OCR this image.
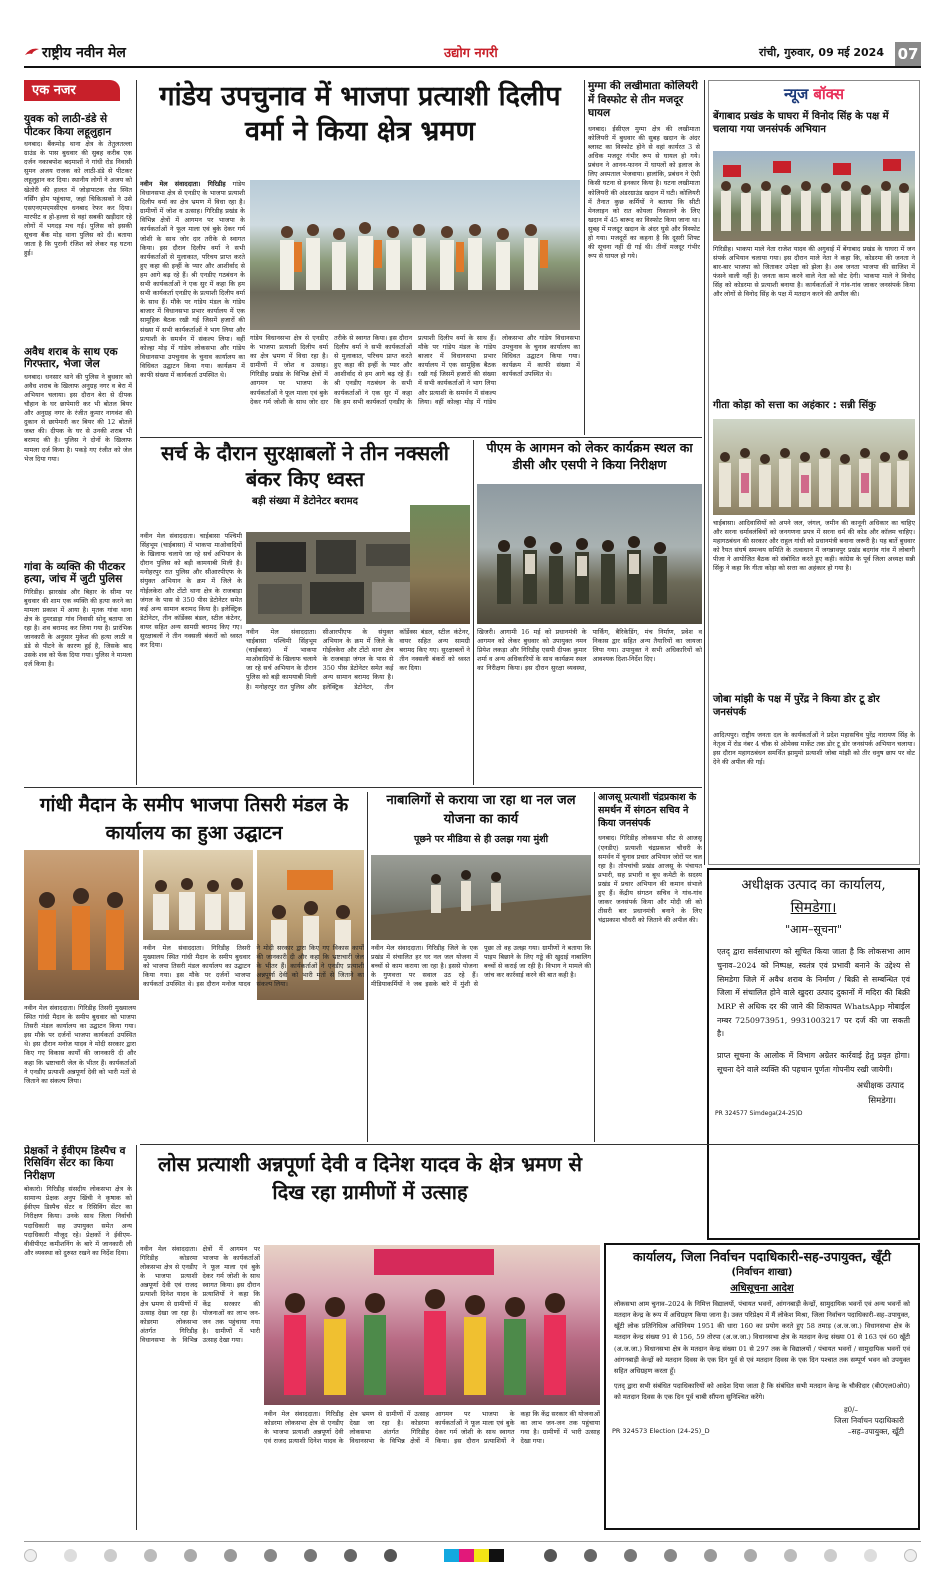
राष्ट्रीय नवीन मेल	उद्योग नगरी	रांची, गुरुवार, 09 मई 2024 07
एक नजर
युवक को लाठी-डंडे से पीटकर किया लहूलुहान
धनबाद। बैंकमोड़ थाना क्षेत्र के तेतुलतल्ला ग्राउंड के पास बुधवार की सुबह करीब एक दर्जन नकाबपोश बदमाशों ने गांधी रोड निवासी सुमन अजय राजक को लाठी-डंडे से पीटकर लहूलुहान कर दिया। स्थानीय लोगों ने अजय को खेतोरी की हालत में जोड़ापाटक रोड स्थित नर्सिंग होम पहुंचाया, जहां चिकित्सकों ने उसे एसएनएमएमसीएच धनबाद रेफर कर दिया। मारपीट व हो-हल्ला से वहां सबकी खड़ीदार रहे लोगों में भगदड़ मच गई। पुलिस को इसकी सूचना बैंक मोड़ थाना पुलिस को दी। बताया जाता है कि पुरानी रंजिश को लेकर यह घटना हुई।
अवैध शराब के साथ एक गिरफ्तार, भेजा जेल
धनबाद। धनसार थाने की पुलिस ने बुधवार को अवैध शराब के खिलाफ अनुग्रह नगर व बेरा में अभियान चलाया। इस दौरान बेरा से दीपक चौहान के घर छापेमारी कर भी बोतल बियर और अनुग्रह नगर के रंजीत कुमार नागवंश की दुकान से छापेमारी कर बियर की 12 बोतलें जब्त की। दीपक के घर से उनकी शराब भी बरामद की है। पुलिस ने दोनों के खिलाफ मामला दर्ज किया है। पकड़े गए रंजीत को जेल भेज दिया गया।
गांवा के व्यक्ति की पीटकर हत्या, जांच में जुटी पुलिस
गिरिडीह। झारखंड और बिहार के सीमा पर बुधवार की शाम एक व्यक्ति की हत्या करने का मामला प्रकाश में आया है। मृतक गांवा थाना क्षेत्र के दुमरडाड़ा गांव निवासी सोनू बताया जा रहा है। शव बरामद कर लिया गया है। प्रारंभिक जानकारी के अनुसार मुकेश की हत्या लाठी व डंडे से पीटने के कारण हुई है, जिसके बाद उसके शव को फेंक दिया गया। पुलिस ने मामला दर्ज किया है।
प्रेक्षकों ने ईवीएम डिस्पैच व रिसिविंग सेंटर का किया निरीक्षण
बोकारो। गिरिडीह संसदीय लोकसभा क्षेत्र के सामान्य प्रेक्षक अनुप खिंची ने कृषाक को ईवीएम डिस्पैच सेंटर व रिसिविंग सेंटर का निरीक्षण किया। उनके साथ जिला निर्वाची पदाधिकारी सह उपायुक्त समेत अन्य पदाधिकारी मौजूद रहे। प्रेक्षकों ने ईवीएम-वीवीपीएट कमीशनिंग के बारे में जानकारी ली और व्यवस्था को दुरुस्त रखने का निर्देश दिया।
गांडेय उपचुनाव में भाजपा प्रत्याशी दिलीप वर्मा ने किया क्षेत्र भ्रमण
नवीन मेल संवाददाता। गिरिडीह गांडेय विधानसभा क्षेत्र से एनडीए के भाजपा प्रत्याशी दिलीप वर्मा का क्षेत्र भ्रमण में विधा रहा है। ग्रामीणों में जोश व उत्साह। गिरिडीह प्रखंड के विभिन्न क्षेत्रों में आगमन पर भाजपा के कार्यकर्ताओं ने फूल माला एवं बुके देकर गर्म जोशी के साथ जोर दार तरीके से स्वागत किया। इस दौरान दिलीप वर्मा ने सभी कार्यकर्ताओं से मुलाकात, परिचय प्राप्त करते हुए कहा की इन्हीं के प्यार और आशीर्वाद से हम आगे बढ़ रहे हैं। श्री एनडीए गठबंधन के सभी कार्यकर्ताओं ने एक सुर में कहा कि हम सभी कार्यकर्ता एनडीए के प्रत्याशी दिलीप वर्मा के साथ हैं। मौके पर गांडेय मंडल के गांडेय बाजार में विधानसभा प्रभार कार्यालय में एक सामूहिक बैठक रखी गई जिसमें हजारों की संख्या में सभी कार्यकर्ताओं ने भाग लिया और प्रत्याशी के समर्थन में संकल्प लिया। वहीं कोल्हा मोड़ में गांडेय लोकसभा और गांडेय विधानसभा उपचुनाव के चुनाव कार्यालय का विधिवत उद्घाटन किया गया। कार्यक्रम में काफी संख्या में कार्यकर्ता उपस्थित थे।
गांडेय विधानसभा क्षेत्र से एनडीए के भाजपा प्रत्याशी दिलीप वर्मा का क्षेत्र भ्रमण में विधा रहा है। ग्रामीणों में जोश व उत्साह। गिरिडीह प्रखंड के विभिन्न क्षेत्रों में आगमन पर भाजपा के कार्यकर्ताओं ने फूल माला एवं बुके देकर गर्म जोशी के साथ जोर दार तरीके से स्वागत किया। इस दौरान दिलीप वर्मा ने सभी कार्यकर्ताओं से मुलाकात, परिचय प्राप्त करते हुए कहा की इन्हीं के प्यार और आशीर्वाद से हम आगे बढ़ रहे हैं। श्री एनडीए गठबंधन के सभी कार्यकर्ताओं ने एक सुर में कहा कि हम सभी कार्यकर्ता एनडीए के प्रत्याशी दिलीप वर्मा के साथ हैं। मौके पर गांडेय मंडल के गांडेय बाजार में विधानसभा प्रभार कार्यालय में एक सामूहिक बैठक रखी गई जिसमें हजारों की संख्या में सभी कार्यकर्ताओं ने भाग लिया और प्रत्याशी के समर्थन में संकल्प लिया। वहीं कोल्हा मोड़ में गांडेय लोकसभा और गांडेय विधानसभा उपचुनाव के चुनाव कार्यालय का विधिवत उद्घाटन किया गया। कार्यक्रम में काफी संख्या में कार्यकर्ता उपस्थित थे।
मुग्मा की लखीमाता कोलियरी में विस्फोट से तीन मजदूर घायल
धनबाद। ईसीएल मुग्मा क्षेत्र की लखीमाता कोलियरी में बुधवार की सुबह खदान के अंदर ब्लास्ट का विस्फोट होने से वहां कार्यरत 3 से अधिक मजदूर गंभीर रूप से घायल हो गये। प्रबंधन ने आनन-फानन में घायलों को इलाज के लिए अस्पताल भेजवाया। हालांकि, प्रबंधन ने ऐसी किसी घटना से इनकार किया है। घटना लखीमाता कोलियरी की अंडरग्राउंड खदान में घटी। कोलियरी में तैनात कुछ कर्मियों ने बताया कि सीटी मेनलाइन को रात कोयला निकालने के लिए खदान में 45 बारूद का विस्फोट किया जाना था। सुबह में मजदूर खदान के अंदर घुसे और विस्फोट हो गया। मजदूरों का कहना है कि दूसरी शिफ्ट की सूचना नहीं दी गई थी। तीनों मजदूर गंभीर रूप से घायल हो गये।
न्यूज बॉक्स
बेंगाबाद प्रखंड के घाघरा में विनोद सिंह के पक्ष में चलाया गया जनसंपर्क अभियान
गिरिडीह। भाकपा माले नेता राजेश यादव की अगुवाई में बेंगाबाद प्रखंड के घाघरा में जन संपर्क अभियान चलाया गया। इस दौरान माले नेता ने कहा कि, कोडरमा की जनता ने बार-बार भाजपा को जिताकर उपेक्षा को झेला है। अब जनता भाजपा की साजिश में फंसने वाली नहीं है। जनता काम करने वाले नेता को वोट देगी। भाकपा माले ने विनोद सिंह को कोडरमा से प्रत्याशी बनाया है। कार्यकर्ताओं ने गांव-गांव जाकर जनसंपर्क किया और लोगों से विनोद सिंह के पक्ष में मतदान करने की अपील की।
गीता कोड़ा को सत्ता का अहंकार : सन्नी सिंकु
चाईबासा। आदिवासियों को अपने जल, जंगल, जमीन की कानूनी अधिकार का चाहिए और सरना धर्मावलंबियों को जनगणना प्रपत्र में सरना धर्म की कोड और कॉलम चाहिए। महागठबंधन की सरकार और राहुल गांधी को प्रधानमंत्री बनाना जरूरी है। यह बातें बुधवार को रैयत संघर्ष समन्वय समिति के तत्वाधान में जगन्नाथपुर प्रखंड बदगांव गांव में लोबागी पीजा ने आयोजित बैठक को संबोधित करते हुए कही। कांग्रेस के पूर्व जिला अध्यक्ष सन्नी सिंकु ने कहा कि गीता कोड़ा को सत्ता का अहंकार हो गया है।
जोबा मांझी के पक्ष में पुरेंद्र ने किया डोर टू डोर जनसंपर्क
आदित्यपुर। राष्ट्रीय जनता दल के कार्यकर्ताओं ने प्रदेश महासचिव पुरेंद्र नारायण सिंह के नेतृत्व में रोड नंबर 4 चौक से ओमेक्स मार्केट तक डोर टू डोर जनसंपर्क अभियान चलाया। इस दौरान महागठबंधन समर्थित झामुमो प्रत्याशी जोबा मांझी को तीर धनुष छाप पर वोट देने की अपील की गई।
सर्च के दौरान सुरक्षाबलों ने तीन नक्सली बंकर किए ध्वस्त
बड़ी संख्या में डेटोनेटर बरामद
नवीन मेल संवाददाता। चाईबासा पश्चिमी सिंहभूम (चाईबासा) में भाकपा माओवादियों के खिलाफ चलाये जा रहे सर्च अभियान के दौरान पुलिस को बड़ी कामयाबी मिली है। मनोहरपुर रात पुलिस और सीआरपीएफ के संयुक्त अभियान के क्रम में जिले के गोईलकेरा और टोंटो थाना क्षेत्र के राजबाड़ा जंगल के पास से 350 पीस डेटोनेटर समेत कई अन्य सामान बरामद किया है। इलेक्ट्रिक डेटोनेटर, तीन कॉर्डेक्स बंडल, स्टील कंटेनर, वायर सहित अन्य सामग्री बरामद किए गए। सुरक्षाबलों ने तीन नक्सली बंकरों को ध्वस्त कर दिया।
नवीन मेल संवाददाता। चाईबासा पश्चिमी सिंहभूम (चाईबासा) में भाकपा माओवादियों के खिलाफ चलाये जा रहे सर्च अभियान के दौरान पुलिस को बड़ी कामयाबी मिली है। मनोहरपुर रात पुलिस और सीआरपीएफ के संयुक्त अभियान के क्रम में जिले के गोईलकेरा और टोंटो थाना क्षेत्र के राजबाड़ा जंगल के पास से 350 पीस डेटोनेटर समेत कई अन्य सामान बरामद किया है। इलेक्ट्रिक डेटोनेटर, तीन कॉर्डेक्स बंडल, स्टील कंटेनर, वायर सहित अन्य सामग्री बरामद किए गए। सुरक्षाबलों ने तीन नक्सली बंकरों को ध्वस्त कर दिया।
पीएम के आगमन को लेकर कार्यक्रम स्थल का डीसी और एसपी ने किया निरीक्षण
खिजरी। आगामी 16 मई को प्रधानमंत्री के आगमन को लेकर बुधवार को उपायुक्त नमन प्रियेश लकड़ा और गिरिडीह एसपी दीपक कुमार शर्मा व अन्य अधिकारियों के साथ कार्यक्रम स्थल का निरीक्षण किया। इस दौरान सुरक्षा व्यवस्था, पार्किंग, बैरिकेडिंग, मंच निर्माण, प्रवेश व निकास द्वार सहित अन्य तैयारियों का जायजा लिया गया। उपायुक्त ने सभी अधिकारियों को आवश्यक दिशा-निर्देश दिए।
गांधी मैदान के समीप भाजपा तिसरी मंडल के कार्यालय का हुआ उद्घाटन
नवीन मेल संवाददाता। गिरिडीह तिसरी मुख्यालय स्थित गांधी मैदान के समीप बुधवार को भाजपा तिसरी मंडल कार्यालय का उद्घाटन किया गया। इस मौके पर दर्जनों भाजपा कार्यकर्ता उपस्थित थे। इस दौरान मनोज यादव ने मोदी सरकार द्वारा किए गए विकास कार्यों की जानकारी दी और कहा कि भ्रष्टाचारी जेल के भीतर हैं। कार्यकर्ताओं ने एनडीए प्रत्याशी अन्नपूर्णा देवी को भारी मतों से जिताने का संकल्प लिया।
नवीन मेल संवाददाता। गिरिडीह तिसरी मुख्यालय स्थित गांधी मैदान के समीप बुधवार को भाजपा तिसरी मंडल कार्यालय का उद्घाटन किया गया। इस मौके पर दर्जनों भाजपा कार्यकर्ता उपस्थित थे। इस दौरान मनोज यादव ने मोदी सरकार द्वारा किए गए विकास कार्यों की जानकारी दी और कहा कि भ्रष्टाचारी जेल के भीतर हैं। कार्यकर्ताओं ने एनडीए प्रत्याशी अन्नपूर्णा देवी को भारी मतों से जिताने का संकल्प लिया।
नाबालिगों से कराया जा रहा था नल जल योजना का कार्य
पूछने पर मीडिया से ही उलझ गया मुंशी
नवीन मेल संवाददाता। गिरिडीह जिले के एक प्रखंड में संचालित हर घर नल जल योजना में बच्चों से काम कराया जा रहा है। इससे योजना के गुणवत्ता पर सवाल उठ रहे हैं। मीडियाकर्मियों ने जब इसके बारे में मुंशी से पूछा तो वह उलझ गया। ग्रामीणों ने बताया कि पाइप बिछाने के लिए गड्ढे की खुदाई नाबालिग बच्चों से कराई जा रही है। विभाग ने मामले की जांच कर कार्रवाई करने की बात कही है।
आजसू प्रत्याशी चंद्रप्रकाश के समर्थन में संगठन सचिव ने किया जनसंपर्क
धनबाद। गिरिडीह लोकसभा सीट से आजसू (एनडीए) प्रत्याशी चंद्रप्रकाश चौधरी के समर्थन में चुनाव प्रचार अभियान जोरों पर चल रहा है। तोपचांची प्रखंड आजसू के पंचायत प्रभारी, सह प्रभारी व बूथ कमेटी के सदस्य प्रखंड में प्रचार अभियान की कमान संभाले हुए हैं। केंद्रीय संगठन सचिव ने गांव-गांव जाकर जनसंपर्क किया और मोदी जी को तीसरी बार प्रधानमंत्री बनाने के लिए चंद्रप्रकाश चौधरी को जिताने की अपील की।
अधीक्षक उत्पाद का कार्यालय,
सिमडेगा।
"आम–सूचना"
एतद् द्वारा सर्वसाधारण को सूचित किया जाता है कि लोकसभा आम चुनाव–2024 को निष्पक्ष, स्वतंत्र एवं प्रभावी बनाने के उद्देश्य से सिमडेगा जिले में अवैध शराब के निर्माण / बिक्री से सम्बन्धित एवं जिला में संचालित होने वाले खुदरा उत्पाद दुकानों में मदिरा की बिक्री MRP से अधिक दर की जाने की शिकायत WhatsApp मोबाईल नम्बर 7250973951, 9931003217 पर दर्ज की जा सकती है।
प्राप्त सूचना के आलोक में विभाग अग्रेतर कार्रवाई हेतु प्रवृत होगा। सूचना देने वाले व्यक्ति की पहचान पूर्णतः गोपनीय रखी जायेगी।
अधीक्षक उत्पाद
सिमडेगा।
PR 324577 Simdega(24-25)D
लोस प्रत्याशी अन्नपूर्णा देवी व दिनेश यादव के क्षेत्र भ्रमण से दिख रहा ग्रामीणों में उत्साह
नवीन मेल संवाददाता। गिरिडीह कोडरमा लोकसभा क्षेत्र से एनडीए के भाजपा प्रत्याशी अन्नपूर्णा देवी एवं राजद प्रत्याशी दिनेश यादव के क्षेत्र भ्रमण से ग्रामीणों में उत्साह देखा जा रहा है। कोडरमा लोकसभा अंतर्गत गिरिडीह विधानसभा के विभिन्न क्षेत्रों में आगमन पर भाजपा के कार्यकर्ताओं ने फूल माला एवं बुके देकर गर्म जोशी के साथ स्वागत किया। इस दौरान प्रत्याशियों ने कहा कि केंद्र सरकार की योजनाओं का लाभ जन-जन तक पहुंचाया गया है। ग्रामीणों में भारी उत्साह देखा गया।
नवीन मेल संवाददाता। गिरिडीह कोडरमा लोकसभा क्षेत्र से एनडीए के भाजपा प्रत्याशी अन्नपूर्णा देवी एवं राजद प्रत्याशी दिनेश यादव के क्षेत्र भ्रमण से ग्रामीणों में उत्साह देखा जा रहा है। कोडरमा लोकसभा अंतर्गत गिरिडीह विधानसभा के विभिन्न क्षेत्रों में आगमन पर भाजपा के कार्यकर्ताओं ने फूल माला एवं बुके देकर गर्म जोशी के साथ स्वागत किया। इस दौरान प्रत्याशियों ने कहा कि केंद्र सरकार की योजनाओं का लाभ जन-जन तक पहुंचाया गया है। ग्रामीणों में भारी उत्साह देखा गया।
कार्यालय, जिला निर्वाचन पदाधिकारी-सह-उपायुक्त, खूँटी
(निर्वाचन शाखा)
अधिसूचना आदेश
लोकसभा आम चुनाव–2024 के निमित्त विद्यालयों, पंचायत भवनों, आंगनबाड़ी केन्द्रों, सामुदायिक भवनों एवं अन्य भवनों को मतदान केन्द्र के रूप में अधिग्रहण किया जाना है। उक्त परिप्रेक्ष्य में मैं लोकेश मिश्रा, जिला निर्वाचन पदाधिकारी–सह–उपायुक्त, खूँटी लोक प्रतिनिधित्व अधिनियम 1951 की धारा 160 का प्रयोग करते हुए 58 तमाड़ (अ.ज.जा.) विधानसभा क्षेत्र के मतदान केन्द्र संख्या 91 से 156, 59 तोरपा (अ.ज.जा.) विधानसभा क्षेत्र के मतदान केन्द्र संख्या 01 से 163 एवं 60 खूँटी (अ.ज.जा.) विधानसभा क्षेत्र के मतदान केन्द्र संख्या 01 से 297 तक के विद्यालयों / पंचायत भवनों / सामुदायिक भवनों एवं आंगनबाड़ी केन्द्रों को मतदान दिवस के एक दिन पूर्व से एवं मतदान दिवस के एक दिन पश्चात तक सम्पूर्ण भवन को उपयुक्त सहित अधिग्रहण करता हूँ।
एतद् द्वारा सभी संबंधित पदाधिकारियों को आदेश दिया जाता है कि संबंधित सभी मतदान केन्द्र के चौकीदार (बी0एल0ओ0) को मतदान दिवस के एक दिन पूर्व चाबी सौंपना सुनिश्चित करेंगे।
ह0/–
जिला निर्वाचन पदाधिकारी
–सह–उपायुक्त, खूँटी
PR 324573 Election (24-25)_D
